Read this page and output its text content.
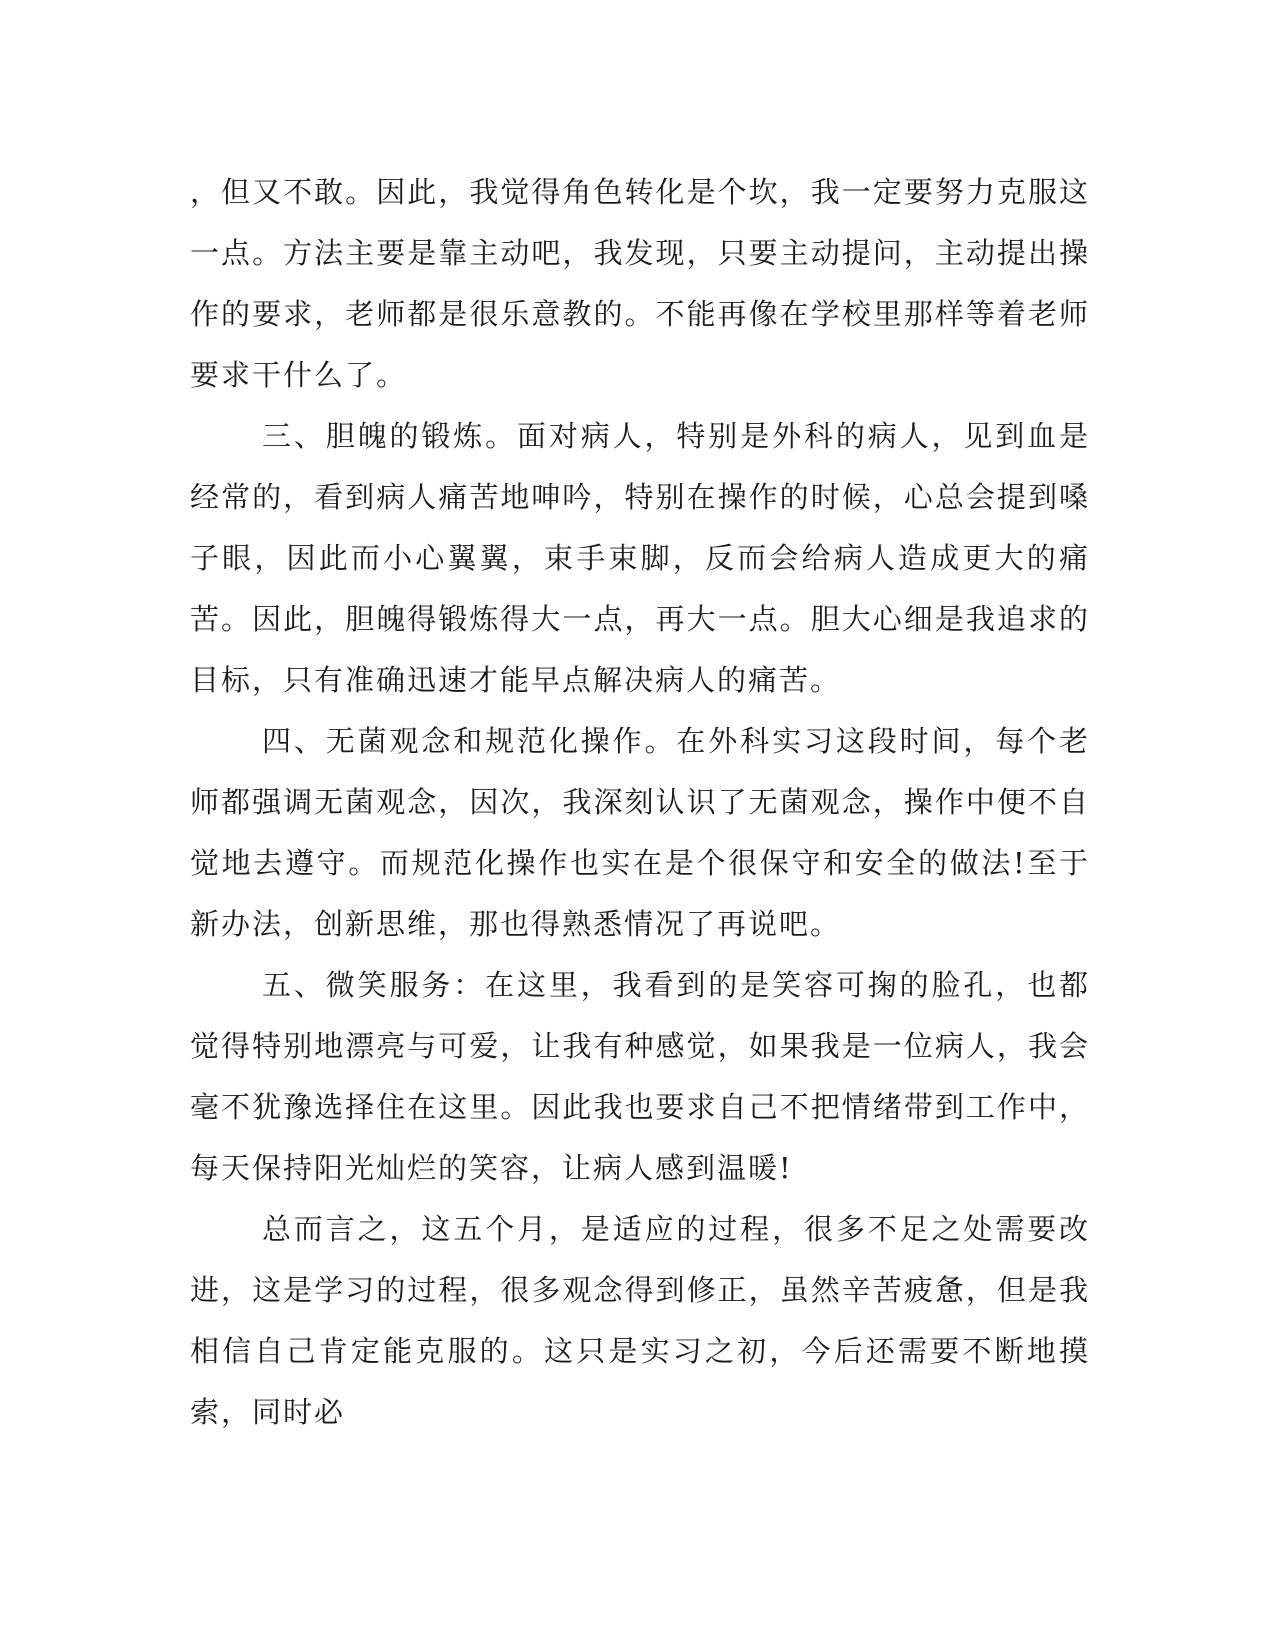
，但又不敢。因此，我觉得角色转化是个坎，我一定要努力克服这一点。方法主要是靠主动吧，我发现，只要主动提问，主动提出操作的要求，老师都是很乐意教的。不能再像在学校里那样等着老师要求干什么了。

三、胆魄的锻炼。面对病人，特别是外科的病人，见到血是经常的，看到病人痛苦地呻吟，特别在操作的时候，心总会提到嗓子眼，因此而小心翼翼，束手束脚，反而会给病人造成更大的痛苦。因此，胆魄得锻炼得大一点，再大一点。胆大心细是我追求的目标，只有准确迅速才能早点解决病人的痛苦。

四、无菌观念和规范化操作。在外科实习这段时间，每个老师都强调无菌观念，因次，我深刻认识了无菌观念，操作中便不自觉地去遵守。而规范化操作也实在是个很保守和安全的做法!至于新办法，创新思维，那也得熟悉情况了再说吧。

五、微笑服务：在这里，我看到的是笑容可掬的脸孔，也都觉得特别地漂亮与可爱，让我有种感觉，如果我是一位病人，我会毫不犹豫选择住在这里。因此我也要求自己不把情绪带到工作中，每天保持阳光灿烂的笑容，让病人感到温暖!

总而言之，这五个月，是适应的过程，很多不足之处需要改进，这是学习的过程，很多观念得到修正，虽然辛苦疲惫，但是我相信自己肯定能克服的。这只是实习之初，今后还需要不断地摸索，同时必
